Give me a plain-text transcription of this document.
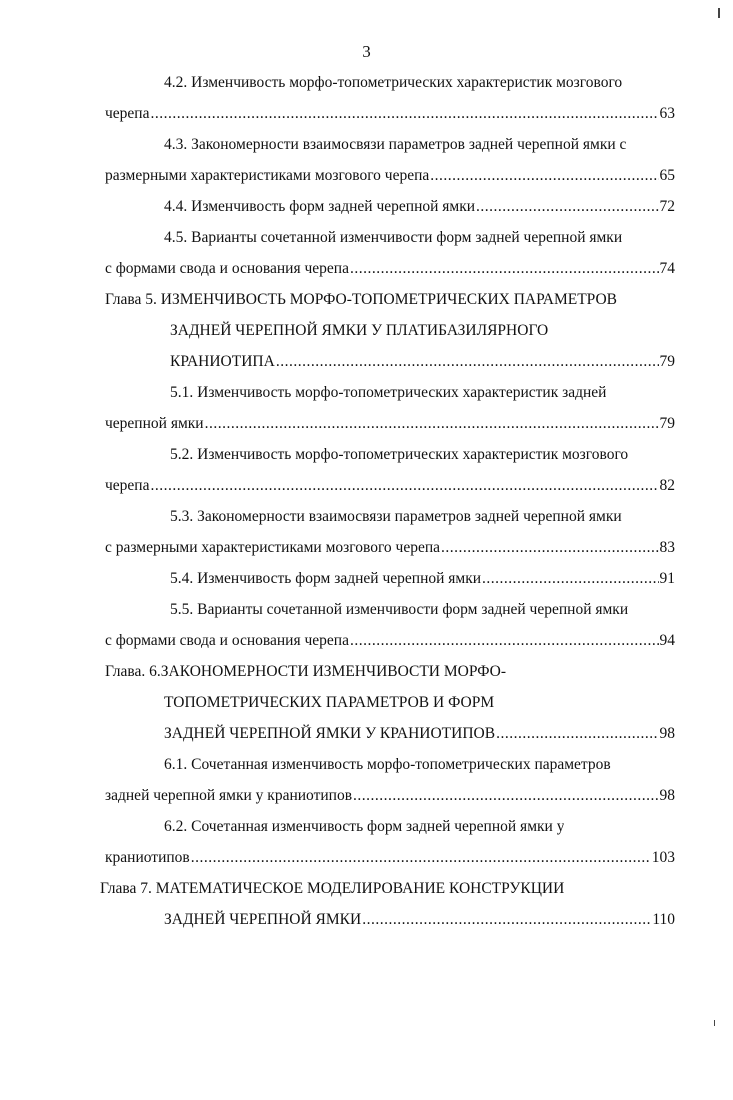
3
4.2. Изменчивость морфо-топометрических характеристик мозгового
черепа .....	63
4.3. Закономерности взаимосвязи параметров задней черепной ямки с
размерными характеристиками мозгового черепа .....	65
4.4. Изменчивость форм задней черепной ямки .....	72
4.5. Варианты сочетанной изменчивости форм задней черепной ямки
с формами свода и основания черепа .....	74
Глава 5. ИЗМЕНЧИВОСТЬ МОРФО-ТОПОМЕТРИЧЕСКИХ ПАРАМЕТРОВ
ЗАДНЕЙ ЧЕРЕПНОЙ ЯМКИ У ПЛАТИБАЗИЛЯРНОГО
КРАНИОТИПА .....	79
5.1. Изменчивость морфо-топометрических характеристик задней
черепной ямки .....	79
5.2. Изменчивость морфо-топометрических характеристик мозгового
черепа .....	82
5.3. Закономерности взаимосвязи параметров задней черепной ямки
с размерными характеристиками мозгового черепа .....	83
5.4. Изменчивость форм задней черепной ямки .....	91
5.5. Варианты сочетанной изменчивости форм задней черепной ямки
с формами свода и основания черепа .....	94
Глава. 6.ЗАКОНОМЕРНОСТИ ИЗМЕНЧИВОСТИ МОРФО-
ТОПОМЕТРИЧЕСКИХ ПАРАМЕТРОВ И ФОРМ
ЗАДНЕЙ ЧЕРЕПНОЙ ЯМКИ У КРАНИОТИПОВ .....	98
6.1. Сочетанная изменчивость морфо-топометрических параметров
задней черепной ямки у краниотипов .....	98
6.2. Сочетанная изменчивость форм задней черепной ямки у
краниотипов .....	103
Глава 7. МАТЕМАТИЧЕСКОЕ МОДЕЛИРОВАНИЕ КОНСТРУКЦИИ
ЗАДНЕЙ ЧЕРЕПНОЙ ЯМКИ .....	110
